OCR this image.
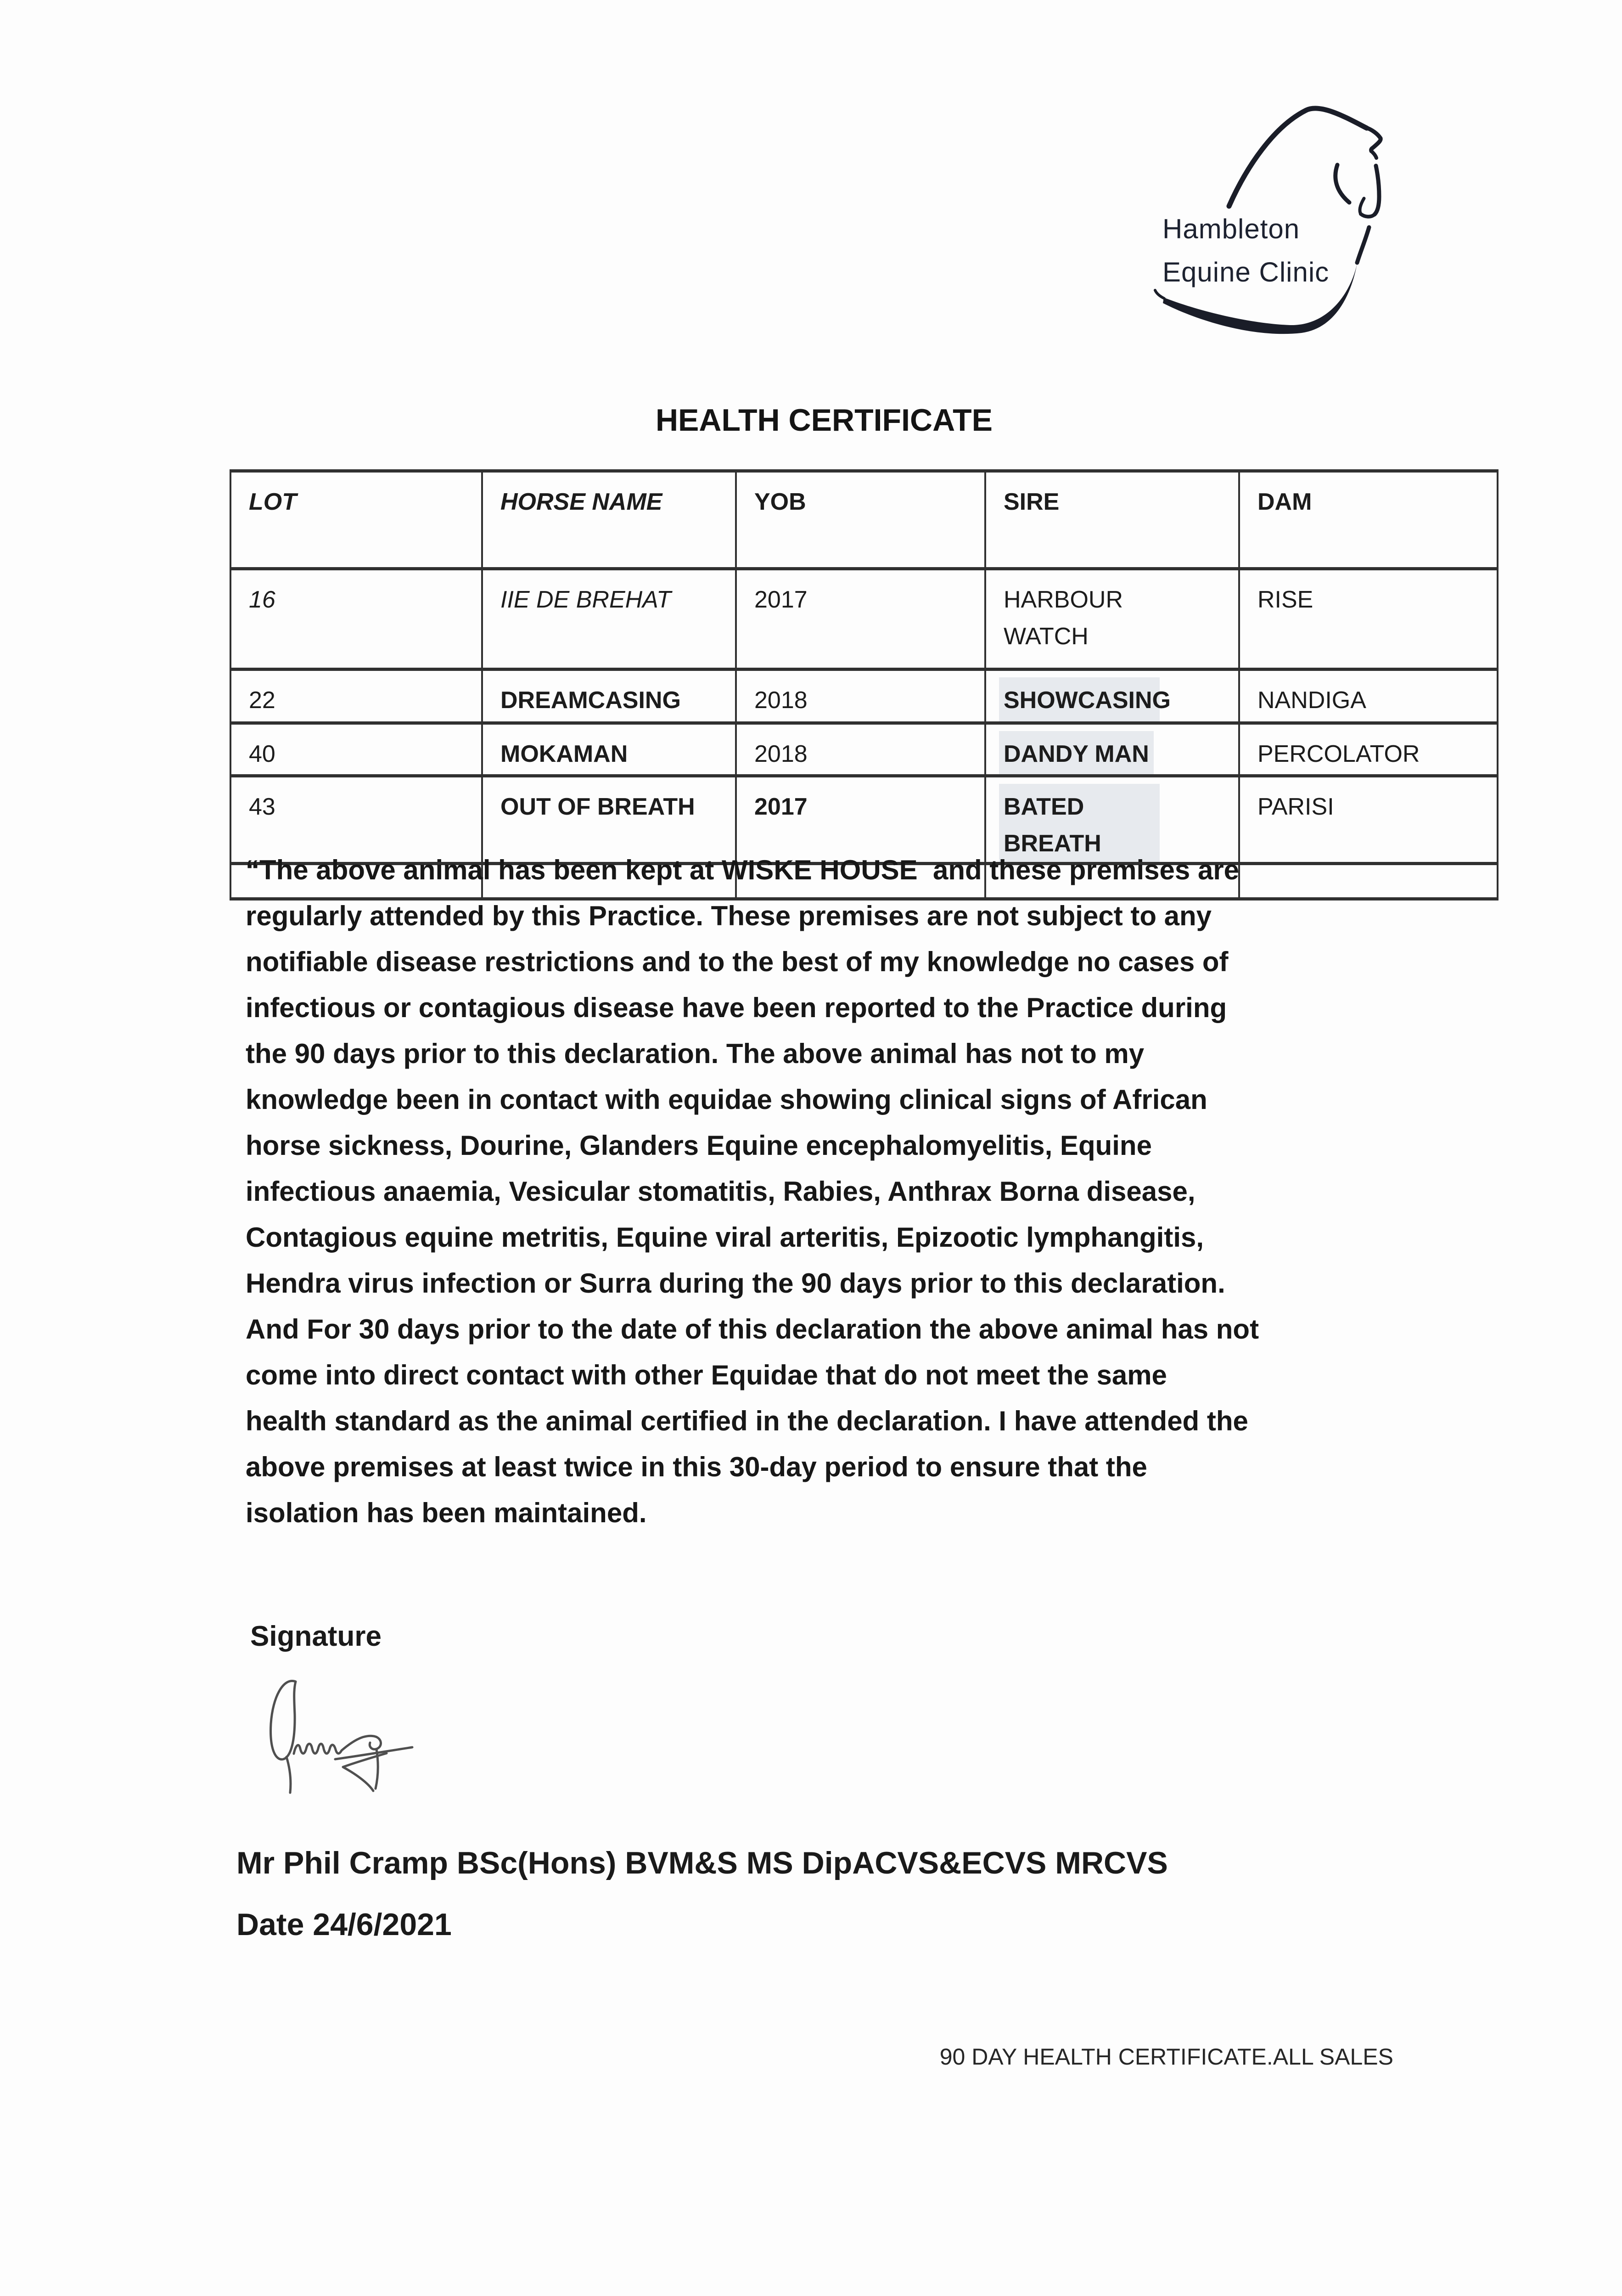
Hambleton
Equine Clinic
HEALTH CERTIFICATE
LOT	HORSE NAME	YOB	SIRE	DAM
16	IIE DE BREHAT	2017	HARBOUR WATCH	RISE
22	DREAMCASING	2018	SHOWCASING	NANDIGA
40	MOKAMAN	2018	DANDY MAN	PERCOLATOR
43	OUT OF BREATH	2017	BATED BREATH	PARISI

“The above animal has been kept at WISKE HOUSE  and these premises are
regularly attended by this Practice. These premises are not subject to any
notifiable disease restrictions and to the best of my knowledge no cases of
infectious or contagious disease have been reported to the Practice during
the 90 days prior to this declaration. The above animal has not to my
knowledge been in contact with equidae showing clinical signs of African
horse sickness, Dourine, Glanders Equine encephalomyelitis, Equine
infectious anaemia, Vesicular stomatitis, Rabies, Anthrax Borna disease,
Contagious equine metritis, Equine viral arteritis, Epizootic lymphangitis,
Hendra virus infection or Surra during the 90 days prior to this declaration.
And For 30 days prior to the date of this declaration the above animal has not
come into direct contact with other Equidae that do not meet the same
health standard as the animal certified in the declaration. I have attended the
above premises at least twice in this 30-day period to ensure that the
isolation has been maintained.
Signature
Mr Phil Cramp BSc(Hons) BVM&S MS DipACVS&ECVS MRCVS
Date 24/6/2021
90 DAY HEALTH CERTIFICATE.ALL SALES
